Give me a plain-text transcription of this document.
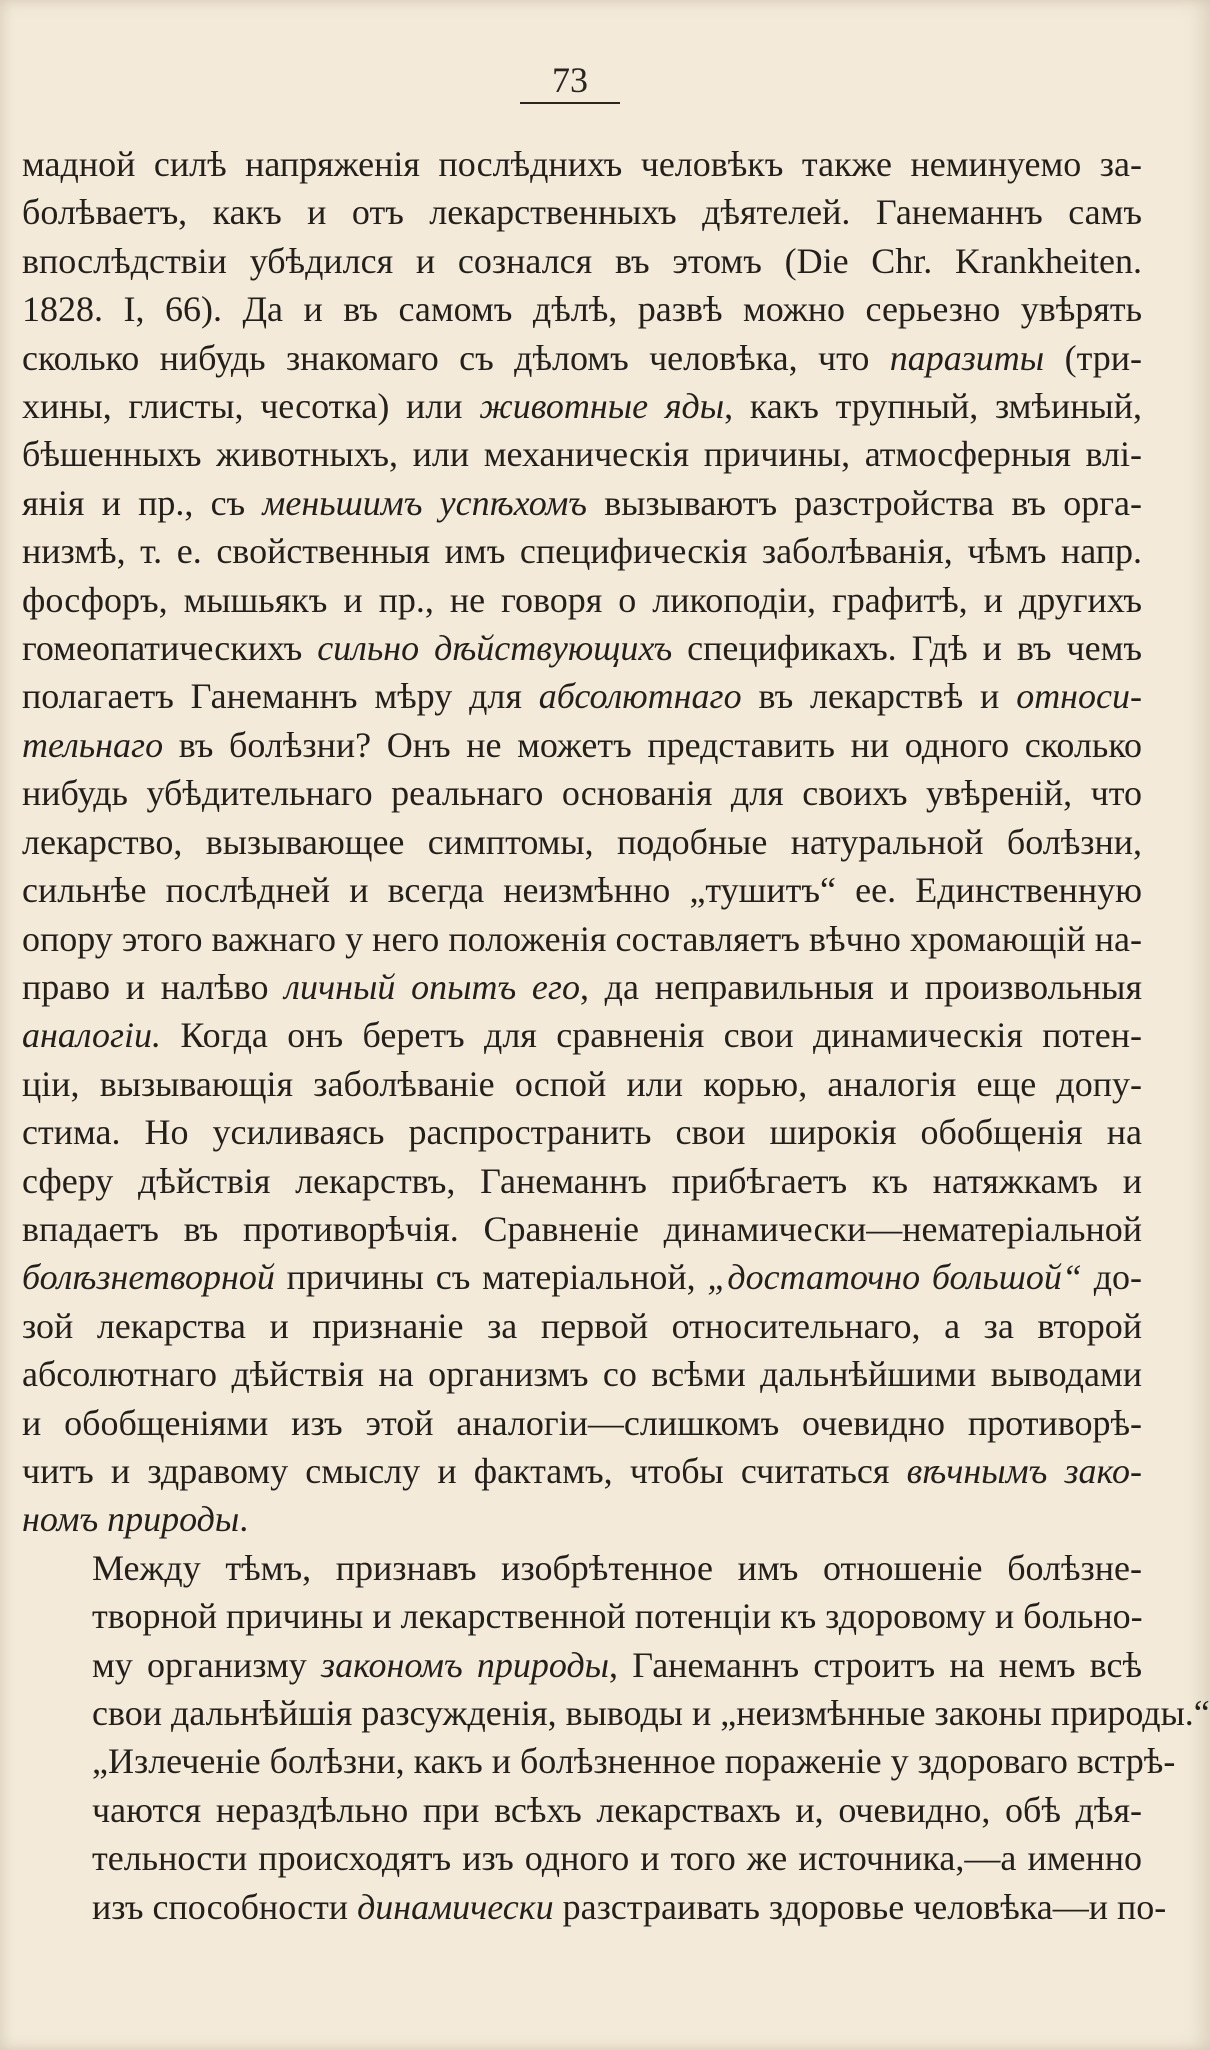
73

мадной силѣ напряженія послѣднихъ человѣкъ также неминуемо за-
болѣваетъ, какъ и отъ лекарственныхъ дѣятелей. Ганеманнъ самъ
впослѣдствіи убѣдился и сознался въ этомъ (Die Chr. Krankheiten.
1828. I, 66). Да и въ самомъ дѣлѣ, развѣ можно серьезно увѣрять
сколько нибудь знакомаго съ дѣломъ человѣка, что паразиты (три-
хины, глисты, чесотка) или животные яды, какъ трупный, змѣиный,
бѣшенныхъ животныхъ, или механическія причины, атмосферныя влі-
янія и пр., съ меньшимъ успѣхомъ вызываютъ разстройства въ орга-
низмѣ, т. е. свойственныя имъ специфическія заболѣванія, чѣмъ напр.
фосфоръ, мышьякъ и пр., не говоря о ликоподіи, графитѣ, и другихъ
гомеопатическихъ сильно дѣйствующихъ спецификахъ. Гдѣ и въ чемъ
полагаетъ Ганеманнъ мѣру для абсолютнаго въ лекарствѣ и относи-
тельнаго въ болѣзни? Онъ не можетъ представить ни одного сколько
нибудь убѣдительнаго реальнаго основанія для своихъ увѣреній, что
лекарство, вызывающее симптомы, подобные натуральной болѣзни,
сильнѣе послѣдней и всегда неизмѣнно „тушитъ“ ее. Единственную
опору этого важнаго у него положенія составляетъ вѣчно хромающій на-
право и налѣво личный опытъ его, да неправильныя и произвольныя
аналогіи. Когда онъ беретъ для сравненія свои динамическія потен-
ціи, вызывающія заболѣваніе оспой или корью, аналогія еще допу-
стима. Но усиливаясь распространить свои широкія обобщенія на
сферу дѣйствія лекарствъ, Ганеманнъ прибѣгаетъ къ натяжкамъ и
впадаетъ въ противорѣчія. Сравненіе динамически—нематеріальной
болѣзнетворной причины съ матеріальной, „достаточно большой“ до-
зой лекарства и признаніе за первой относительнаго, а за второй
абсолютнаго дѣйствія на организмъ со всѣми дальнѣйшими выводами
и обобщеніями изъ этой аналогіи—слишкомъ очевидно противорѣ-
читъ и здравому смыслу и фактамъ, чтобы считаться вѣчнымъ зако-
номъ природы.

Между тѣмъ, признавъ изобрѣтенное имъ отношеніе болѣзне-
творной причины и лекарственной потенціи къ здоровому и больно-
му организму закономъ природы, Ганеманнъ строитъ на немъ всѣ
свои дальнѣйшія разсужденія, выводы и „неизмѣнные законы природы.“
„Излеченіе болѣзни, какъ и болѣзненное пораженіе у здороваго встрѣ-
чаются нераздѣльно при всѣхъ лекарствахъ и, очевидно, обѣ дѣя-
тельности происходятъ изъ одного и того же источника,—а именно
изъ способности динамически разстраивать здоровье человѣка—и по-
